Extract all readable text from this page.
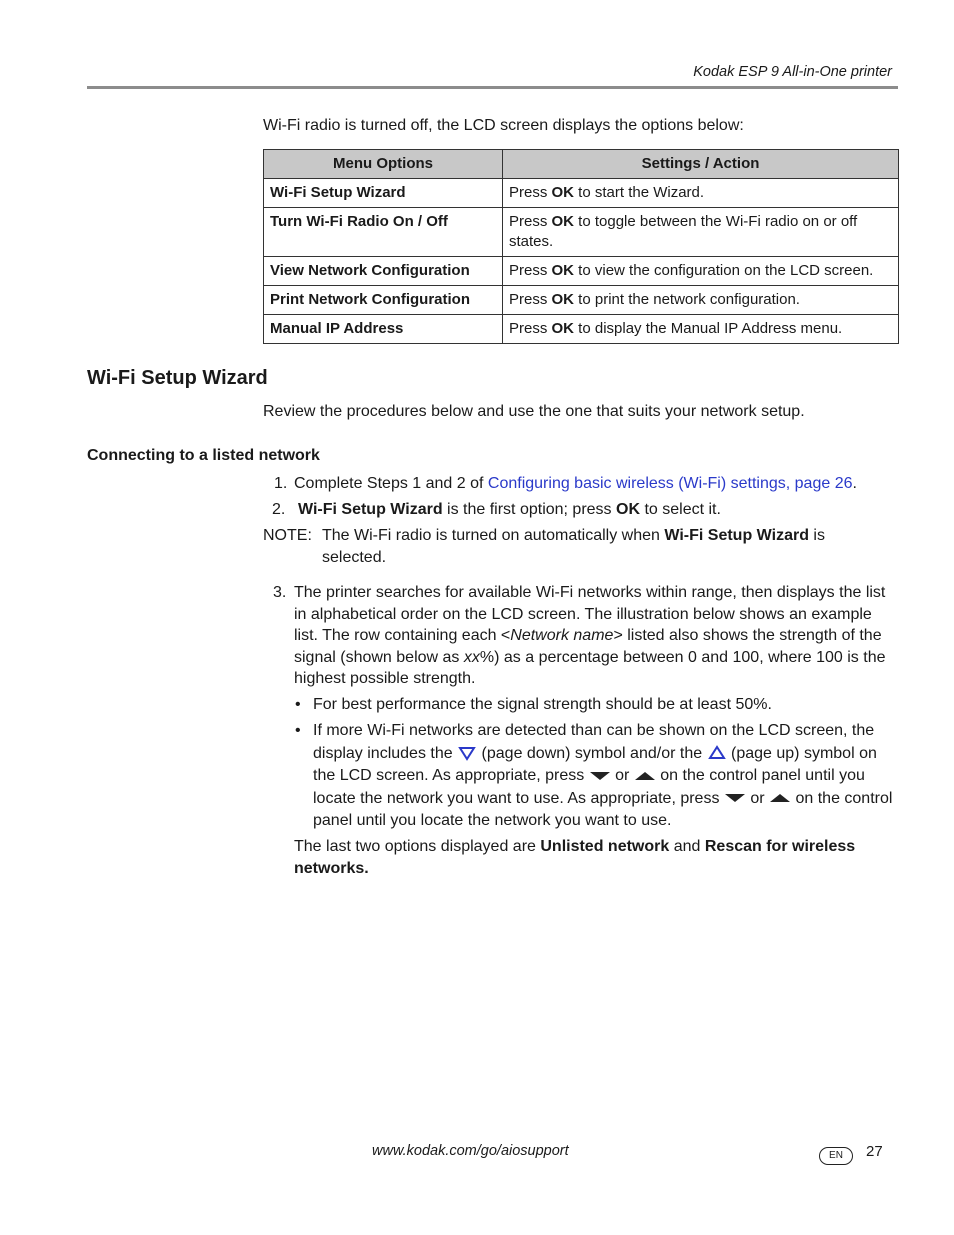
Kodak ESP 9 All-in-One printer
Wi-Fi radio is turned off, the LCD screen displays the options below:
Menu Options	Settings / Action
Wi-Fi Setup Wizard	Press OK to start the Wizard.
Turn Wi-Fi Radio On / Off	Press OK to toggle between the Wi-Fi radio on or off states.
View Network Configuration	Press OK to view the configuration on the LCD screen.
Print Network Configuration	Press OK to print the network configuration.
Manual IP Address	Press OK to display the Manual IP Address menu.
Wi-Fi Setup Wizard
Review the procedures below and use the one that suits your network setup.
Connecting to a listed network
1. Complete Steps 1 and 2 of Configuring basic wireless (Wi-Fi) settings, page 26.
2. Wi-Fi Setup Wizard is the first option; press OK to select it.
NOTE: The Wi-Fi radio is turned on automatically when Wi-Fi Setup Wizard is selected.
3. The printer searches for available Wi-Fi networks within range, then displays the list in alphabetical order on the LCD screen. The illustration below shows an example list. The row containing each <Network name> listed also shows the strength of the signal (shown below as xx%) as a percentage between 0 and 100, where 100 is the highest possible strength.
• For best performance the signal strength should be at least 50%.
• If more Wi-Fi networks are detected than can be shown on the LCD screen, the display includes the  (page down) symbol and/or the  (page up) symbol on the LCD screen. As appropriate, press  or  on the control panel until you locate the network you want to use. As appropriate, press  or  on the control panel until you locate the network you want to use.
The last two options displayed are Unlisted network and Rescan for wireless networks.
www.kodak.com/go/aiosupport	EN	27
